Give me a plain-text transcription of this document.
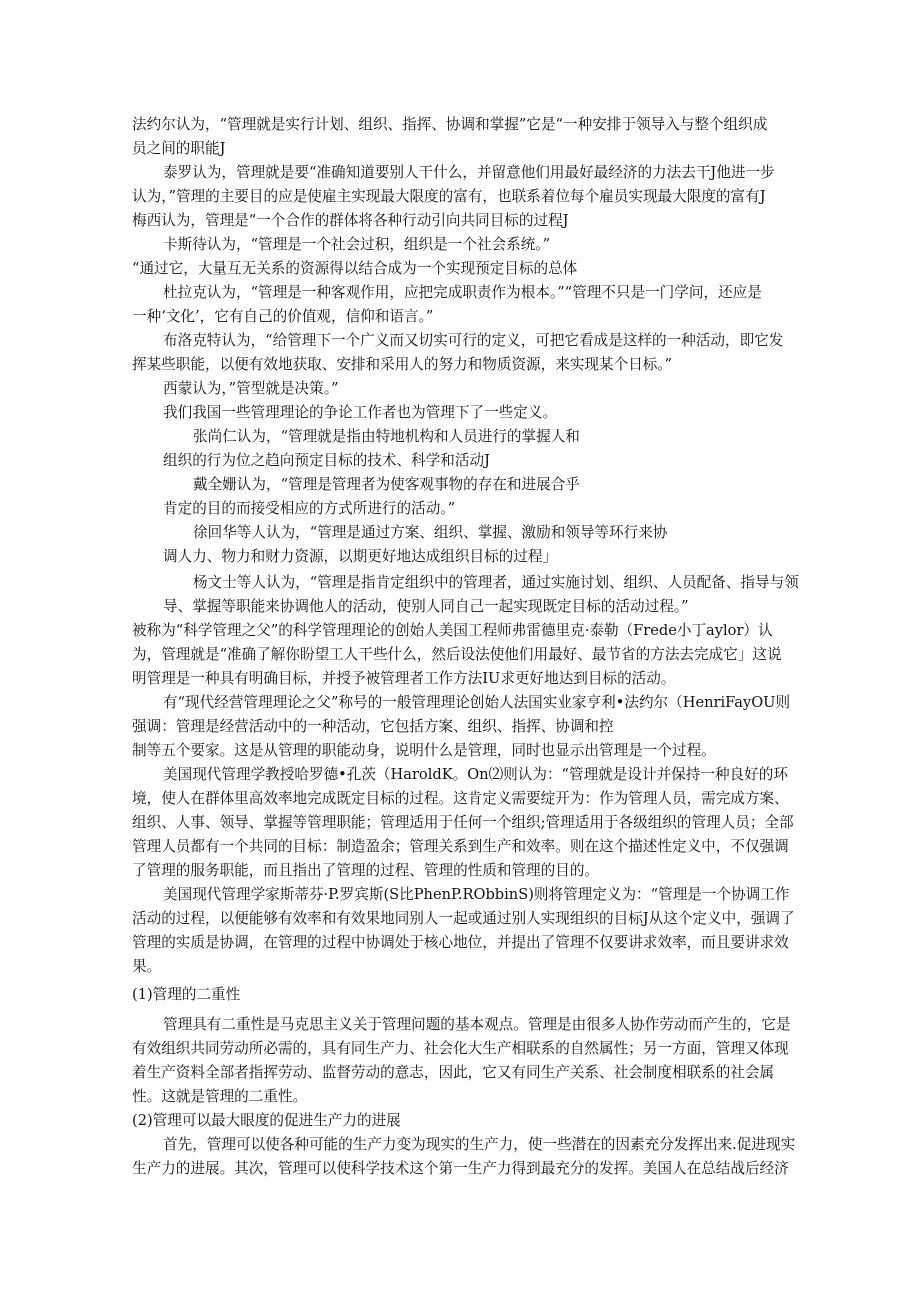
法约尔认为，“管理就是实行计划、组织、指挥、协调和掌握”它是“一种安排于领导入与整个组织成

员之间的职能J

泰罗认为，管理就是要“准确知道要别人干什么，并留意他们用最好最经济的力法去干J他进一步

认为，”管理的主要目的应是使雇主实现最大限度的富有，也联系着位每个雇员实现最大限度的富有J

梅西认为，管理是“一个合作的群体将各种行动引向共同目标的过程J

卡斯待认为，“管理是一个社会过积，组织是一个社会系统。”

“通过它，大量互无关系的资源得以结合成为一个实现预定目标的总体

杜拉克认为，“管理是一种客观作用，应把完成职责作为根本。”“管理不只是一门学问，还应是

一种‘文化’，它有自己的价值观，信仰和语言。”

布洛克特认为，“给管理下一个广义而又切实可行的定义，可把它看成是这样的一种活动，即它发

挥某些职能，以便有效地获取、安排和采用人的努力和物质资源，来实现某个日标。”

西蒙认为，”管型就是决策。”

我们我国一些管理理论的争论工作者也为管理下了一些定义。

张尚仁认为，“管理就是指由特地机构和人员进行的掌握人和

组织的行为位之趋向预定目标的技术、科学和活动J

戴全姗认为，“管理是管理者为使客观事物的存在和进展合乎

肯定的目的而接受相应的方式所进行的活动。”

徐回华等人认为，“管理是通过方案、组织、掌握、激励和领导等环行来协

调人力、物力和财力资源，以期更好地达成组织目标的过程」

杨文士等人认为，“管理是指肯定组织中的管理者，通过实施讨划、组织、人员配备、指导与领

导、掌握等职能来协调他人的活动，使别人同自己一起实现既定目标的活动过程。”

被称为“科学管理之父”的科学管理理论的创始人美国工程师弗雷德里克·泰勒（Frede小丁aylor）认

为，管理就是“准确了解你盼望工人干些什么，然后设法使他们用最好、最节省的方法去完成它」这说

明管理是一种具有明确目标，并授予被管理者工作方法IU求更好地达到目标的活动。

有“现代经营管理理论之父”称号的一般管理理论创始人法国实业家亨利•法约尔（HenriFayOU则

强调：管理是经营活动中的一种活动，它包括方案、组织、指挥、协调和控

制等五个要家。这是从管理的职能动身，说明什么是管理，同时也显示出管理是一个过程。

美国现代管理学教授哈罗德•孔茨（HaroldK。On⑵则认为：“管理就是设计并保持一种良好的环

境，使人在群体里高效率地完成既定目标的过程。这肯定义需要绽开为：作为管理人员，需完成方案、

组织、人事、领导、掌握等管理职能；管理适用于任何一个组织;管理适用于各级组织的管理人员；全部

管理人员都有一个共同的目标：制造盈余；管理关系到生产和效率。则在这个描述性定义中，不仅强调

了管理的服务职能，而且指出了管理的过程、管理的性质和管理的目的。

美国现代管理学家斯蒂芬·P.罗宾斯(S比PhenP.RObbinS)则将管理定义为：“管理是一个协调工作

活动的过程，以便能够有效率和有效果地同别人一起或通过别人实现组织的目标J从这个定义中，强调了

管理的实质是协调，在管理的过程中协调处于核心地位，并提出了管理不仅要讲求效率，而且要讲求效

果。

(1)管理的二重性

管理具有二重性是马克思主义关于管理问题的基本观点。管理是由很多人协作劳动而产生的，它是

有效组织共同劳动所必需的，具有同生产力、社会化大生产相联系的自然属性；另一方面，管理又体现

着生产资料全部者指挥劳动、监督劳动的意志，因此，它又有同生产关系、社会制度相联系的社会属

性。这就是管理的二重性。

(2)管理可以最大眼度的促进生产力的进展

首先，管理可以使各种可能的生产力变为现实的生产力，使一些潜在的因素充分发挥出来.促进现实

生产力的进展。其次，管理可以使科学技术这个第一生产力得到最充分的发挥。美国人在总结战后经济
